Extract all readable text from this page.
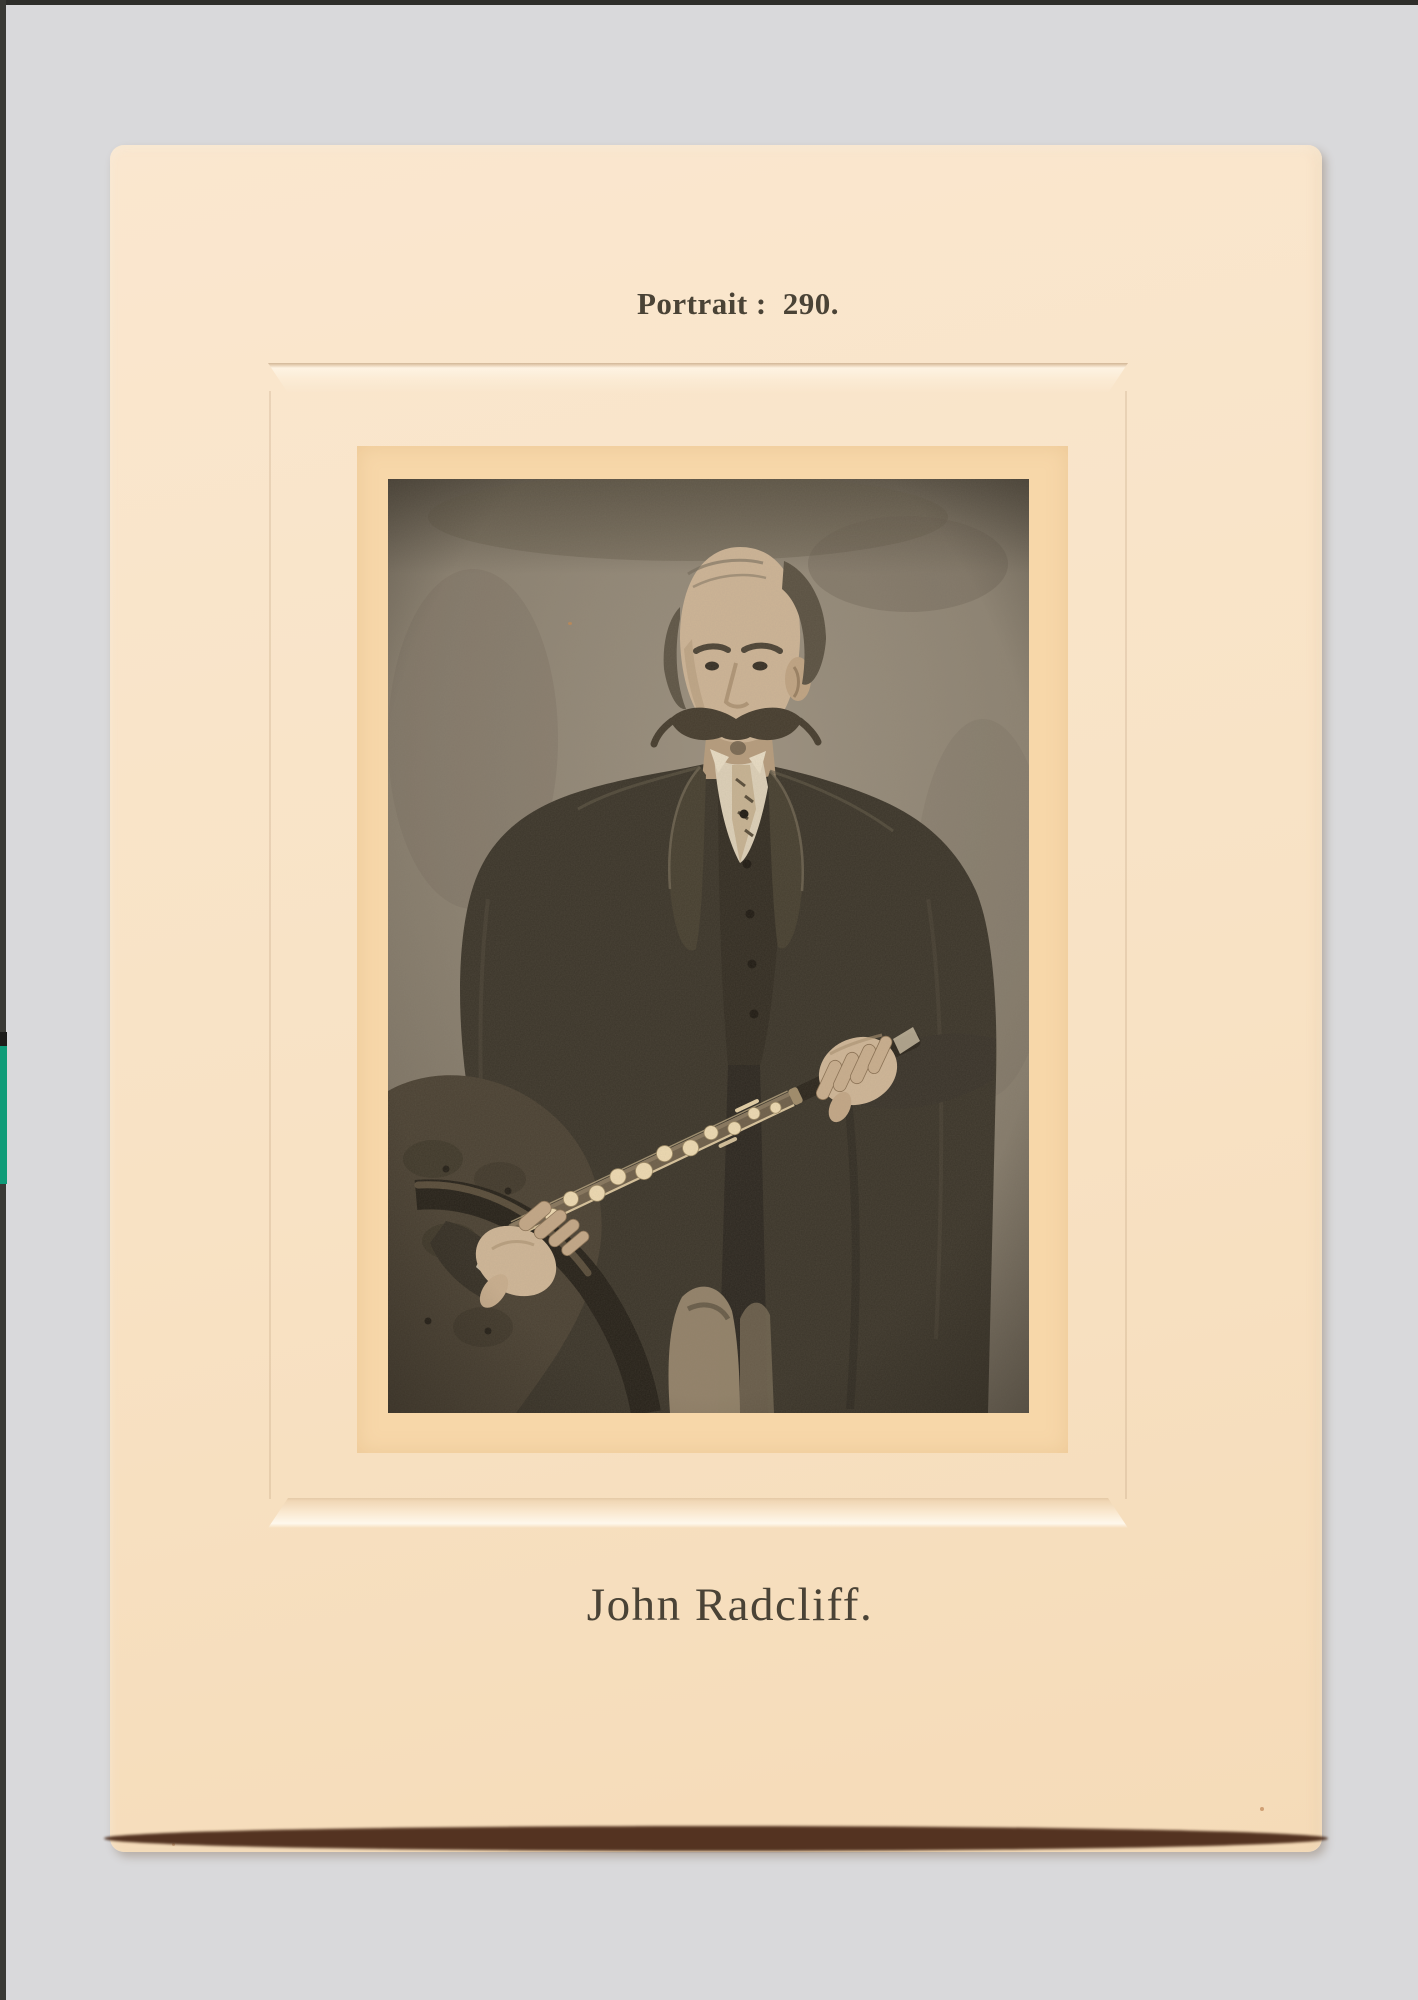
Portrait : 290.
John Radcliff.
